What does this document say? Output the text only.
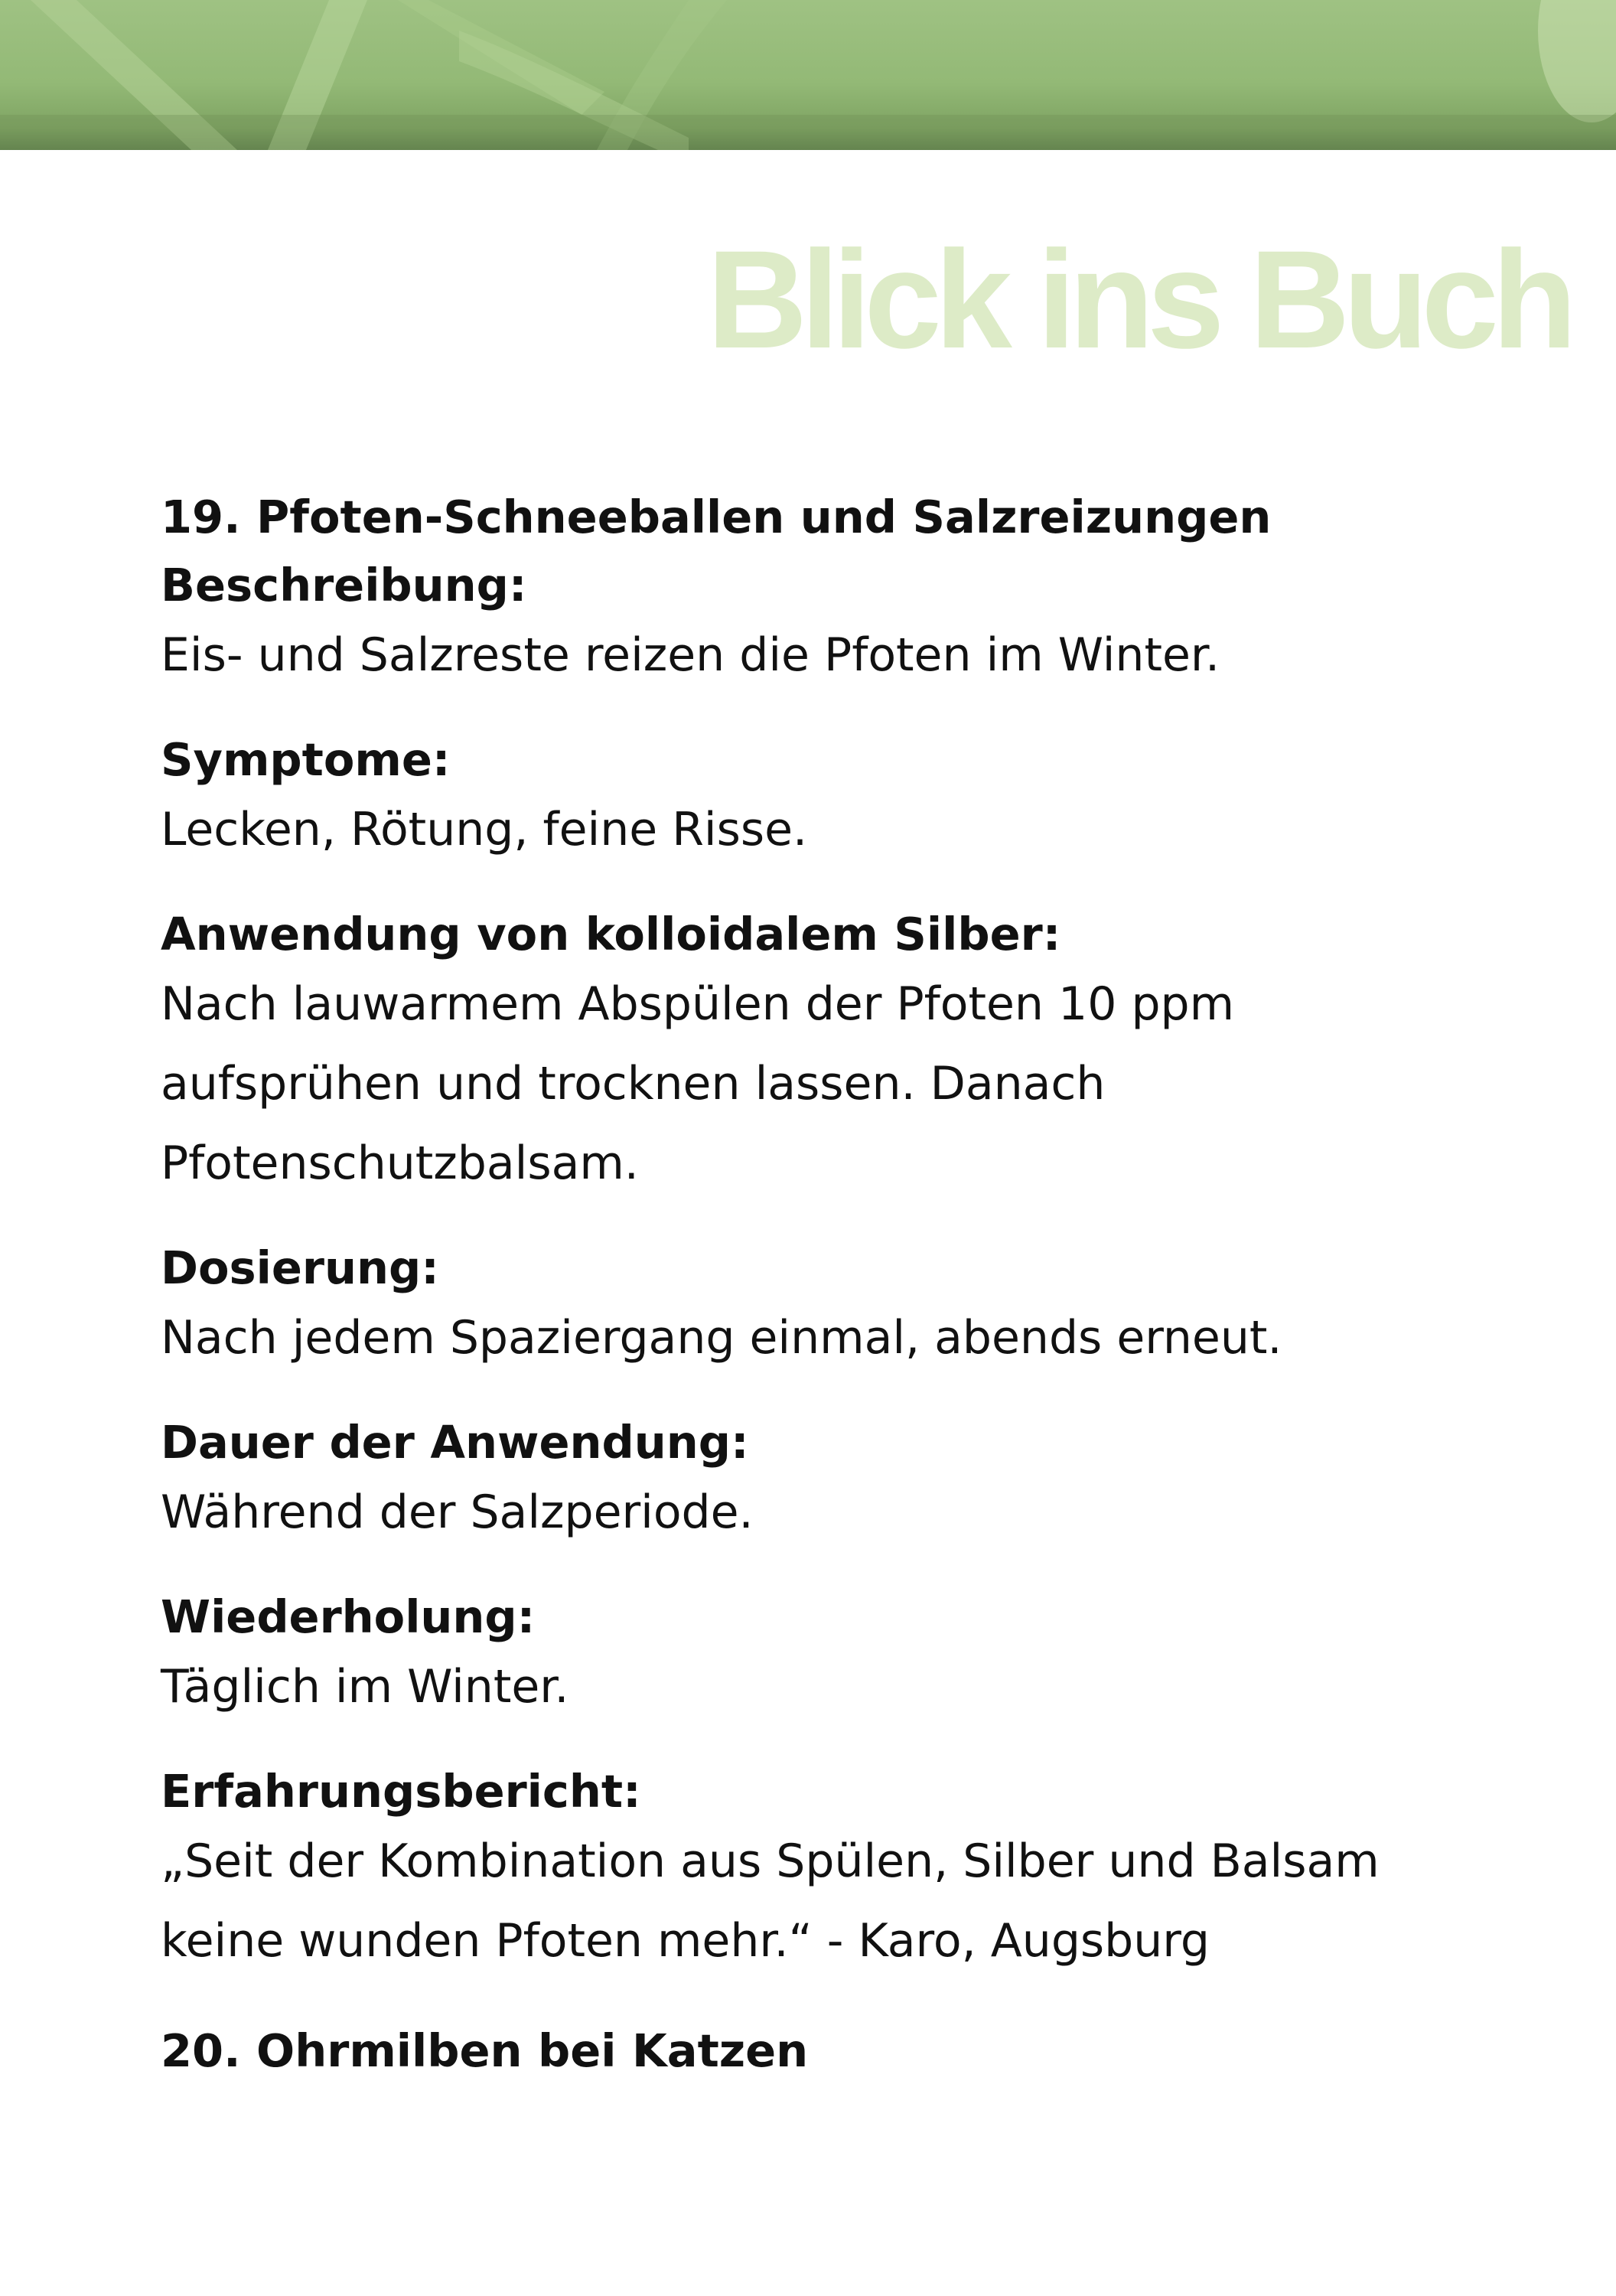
Blick ins Buch
19. Pfoten-Schneeballen und Salzreizungen

Beschreibung:

Eis- und Salzreste reizen die Pfoten im Winter.

Symptome:

Lecken, Rötung, feine Risse.

Anwendung von kolloidalem Silber:

Nach lauwarmem Abspülen der Pfoten 10 ppm

aufsprühen und trocknen lassen. Danach

Pfotenschutzbalsam.

Dosierung:

Nach jedem Spaziergang einmal, abends erneut.

Dauer der Anwendung:

Während der Salzperiode.

Wiederholung:

Täglich im Winter.

Erfahrungsbericht:

„Seit der Kombination aus Spülen, Silber und Balsam

keine wunden Pfoten mehr.“ - Karo, Augsburg

20. Ohrmilben bei Katzen
